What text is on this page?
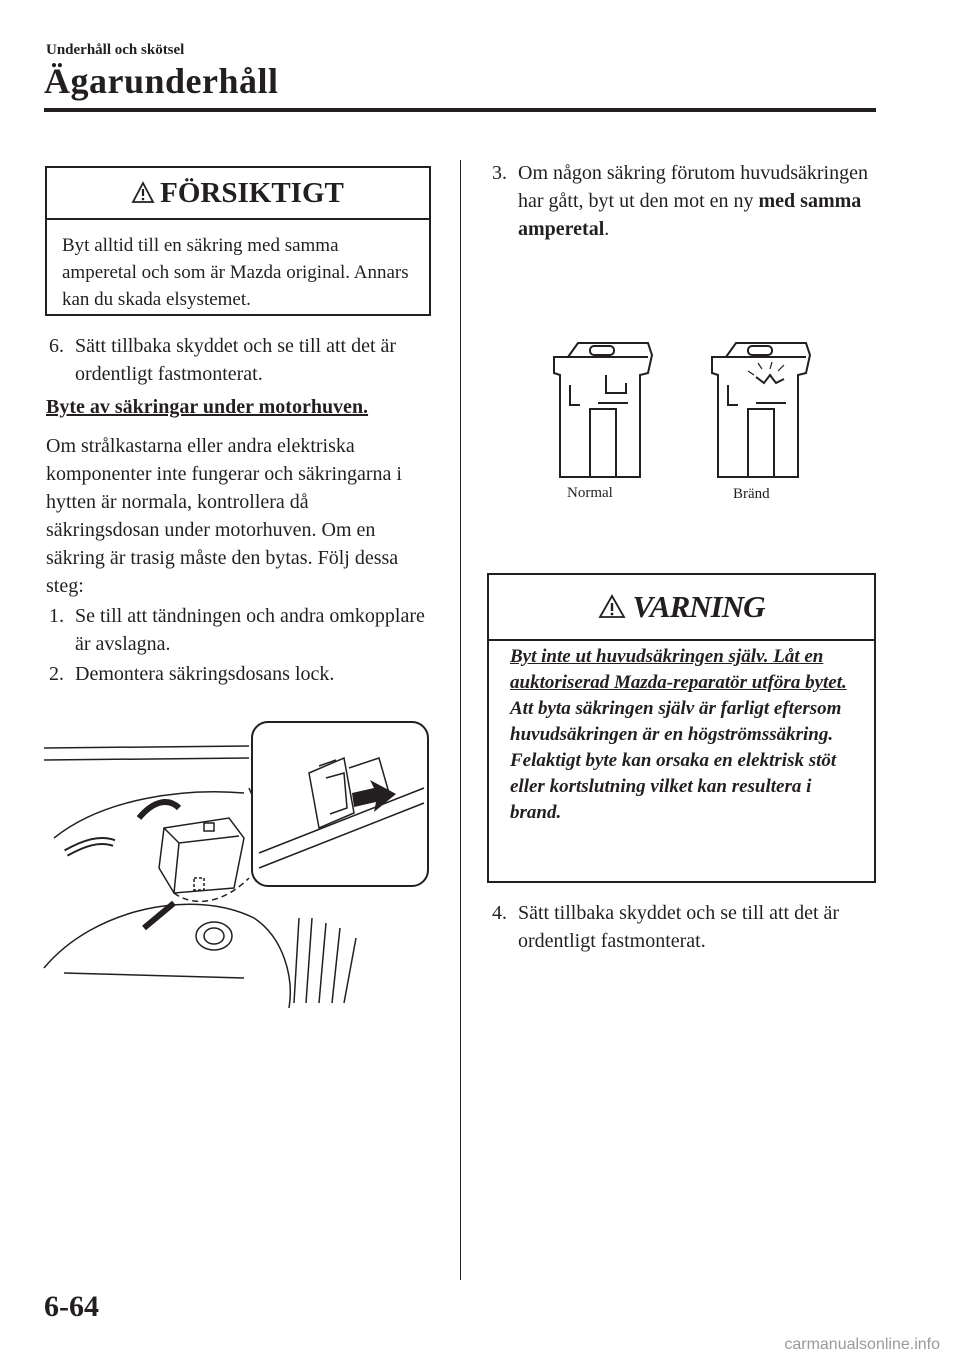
Underhåll och skötsel
Ägarunderhåll
FÖRSIKTIGT
Byt alltid till en säkring med samma amperetal och som är Mazda original. Annars kan du skada elsystemet.
6. Sätt tillbaka skyddet och se till att det är ordentligt fastmonterat.
Byte av säkringar under motorhuven.
Om strålkastarna eller andra elektriska komponenter inte fungerar och säkringarna i hytten är normala, kontrollera då säkringsdosan under motorhuven. Om en säkring är trasig måste den bytas. Följ dessa steg:
1. Se till att tändningen och andra omkopplare är avslagna.
2. Demontera säkringsdosans lock.
3. Om någon säkring förutom huvudsäkringen har gått, byt ut den mot en ny med samma amperetal.
Normal	Bränd
VARNING
Byt inte ut huvudsäkringen själv. Låt en auktoriserad Mazda-reparatör utföra bytet.
Att byta säkringen själv är farligt eftersom huvudsäkringen är en högströmssäkring. Felaktigt byte kan orsaka en elektrisk stöt eller kortslutning vilket kan resultera i brand.
4. Sätt tillbaka skyddet och se till att det är ordentligt fastmonterat.
6-64
carmanualsonline.info
